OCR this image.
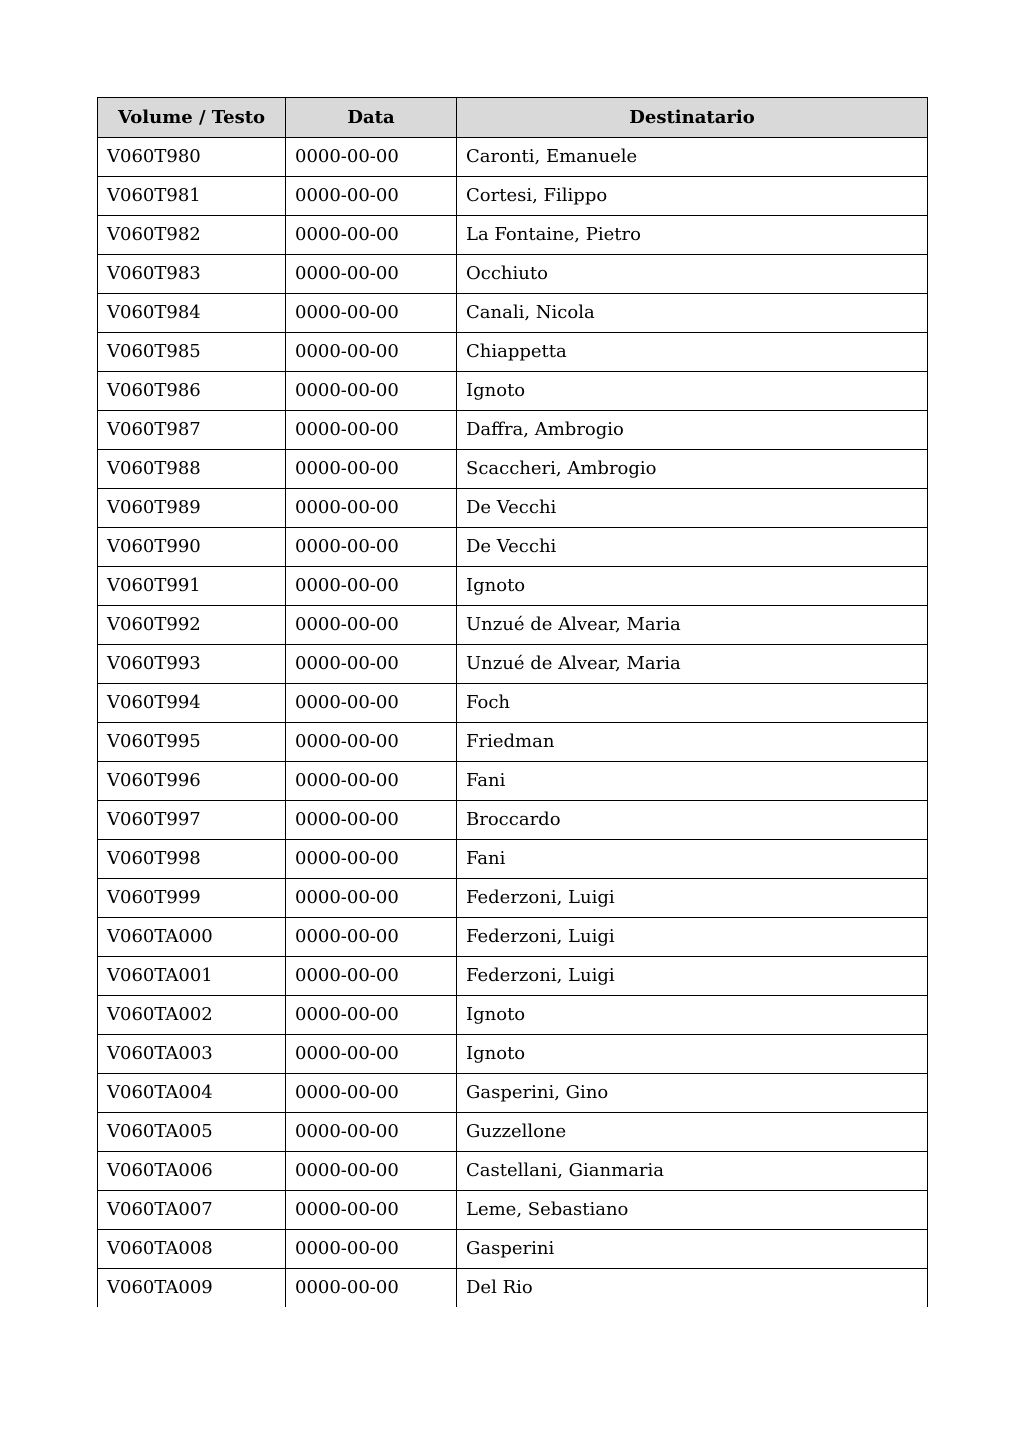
Volume / Testo	Data	Destinatario
V060T980	0000-00-00	Caronti, Emanuele
V060T981	0000-00-00	Cortesi, Filippo
V060T982	0000-00-00	La Fontaine, Pietro
V060T983	0000-00-00	Occhiuto
V060T984	0000-00-00	Canali, Nicola
V060T985	0000-00-00	Chiappetta
V060T986	0000-00-00	Ignoto
V060T987	0000-00-00	Daffra, Ambrogio
V060T988	0000-00-00	Scaccheri, Ambrogio
V060T989	0000-00-00	De Vecchi
V060T990	0000-00-00	De Vecchi
V060T991	0000-00-00	Ignoto
V060T992	0000-00-00	Unzué de Alvear, Maria
V060T993	0000-00-00	Unzué de Alvear, Maria
V060T994	0000-00-00	Foch
V060T995	0000-00-00	Friedman
V060T996	0000-00-00	Fani
V060T997	0000-00-00	Broccardo
V060T998	0000-00-00	Fani
V060T999	0000-00-00	Federzoni, Luigi
V060TA000	0000-00-00	Federzoni, Luigi
V060TA001	0000-00-00	Federzoni, Luigi
V060TA002	0000-00-00	Ignoto
V060TA003	0000-00-00	Ignoto
V060TA004	0000-00-00	Gasperini, Gino
V060TA005	0000-00-00	Guzzellone
V060TA006	0000-00-00	Castellani, Gianmaria
V060TA007	0000-00-00	Leme, Sebastiano
V060TA008	0000-00-00	Gasperini
V060TA009	0000-00-00	Del Rio
